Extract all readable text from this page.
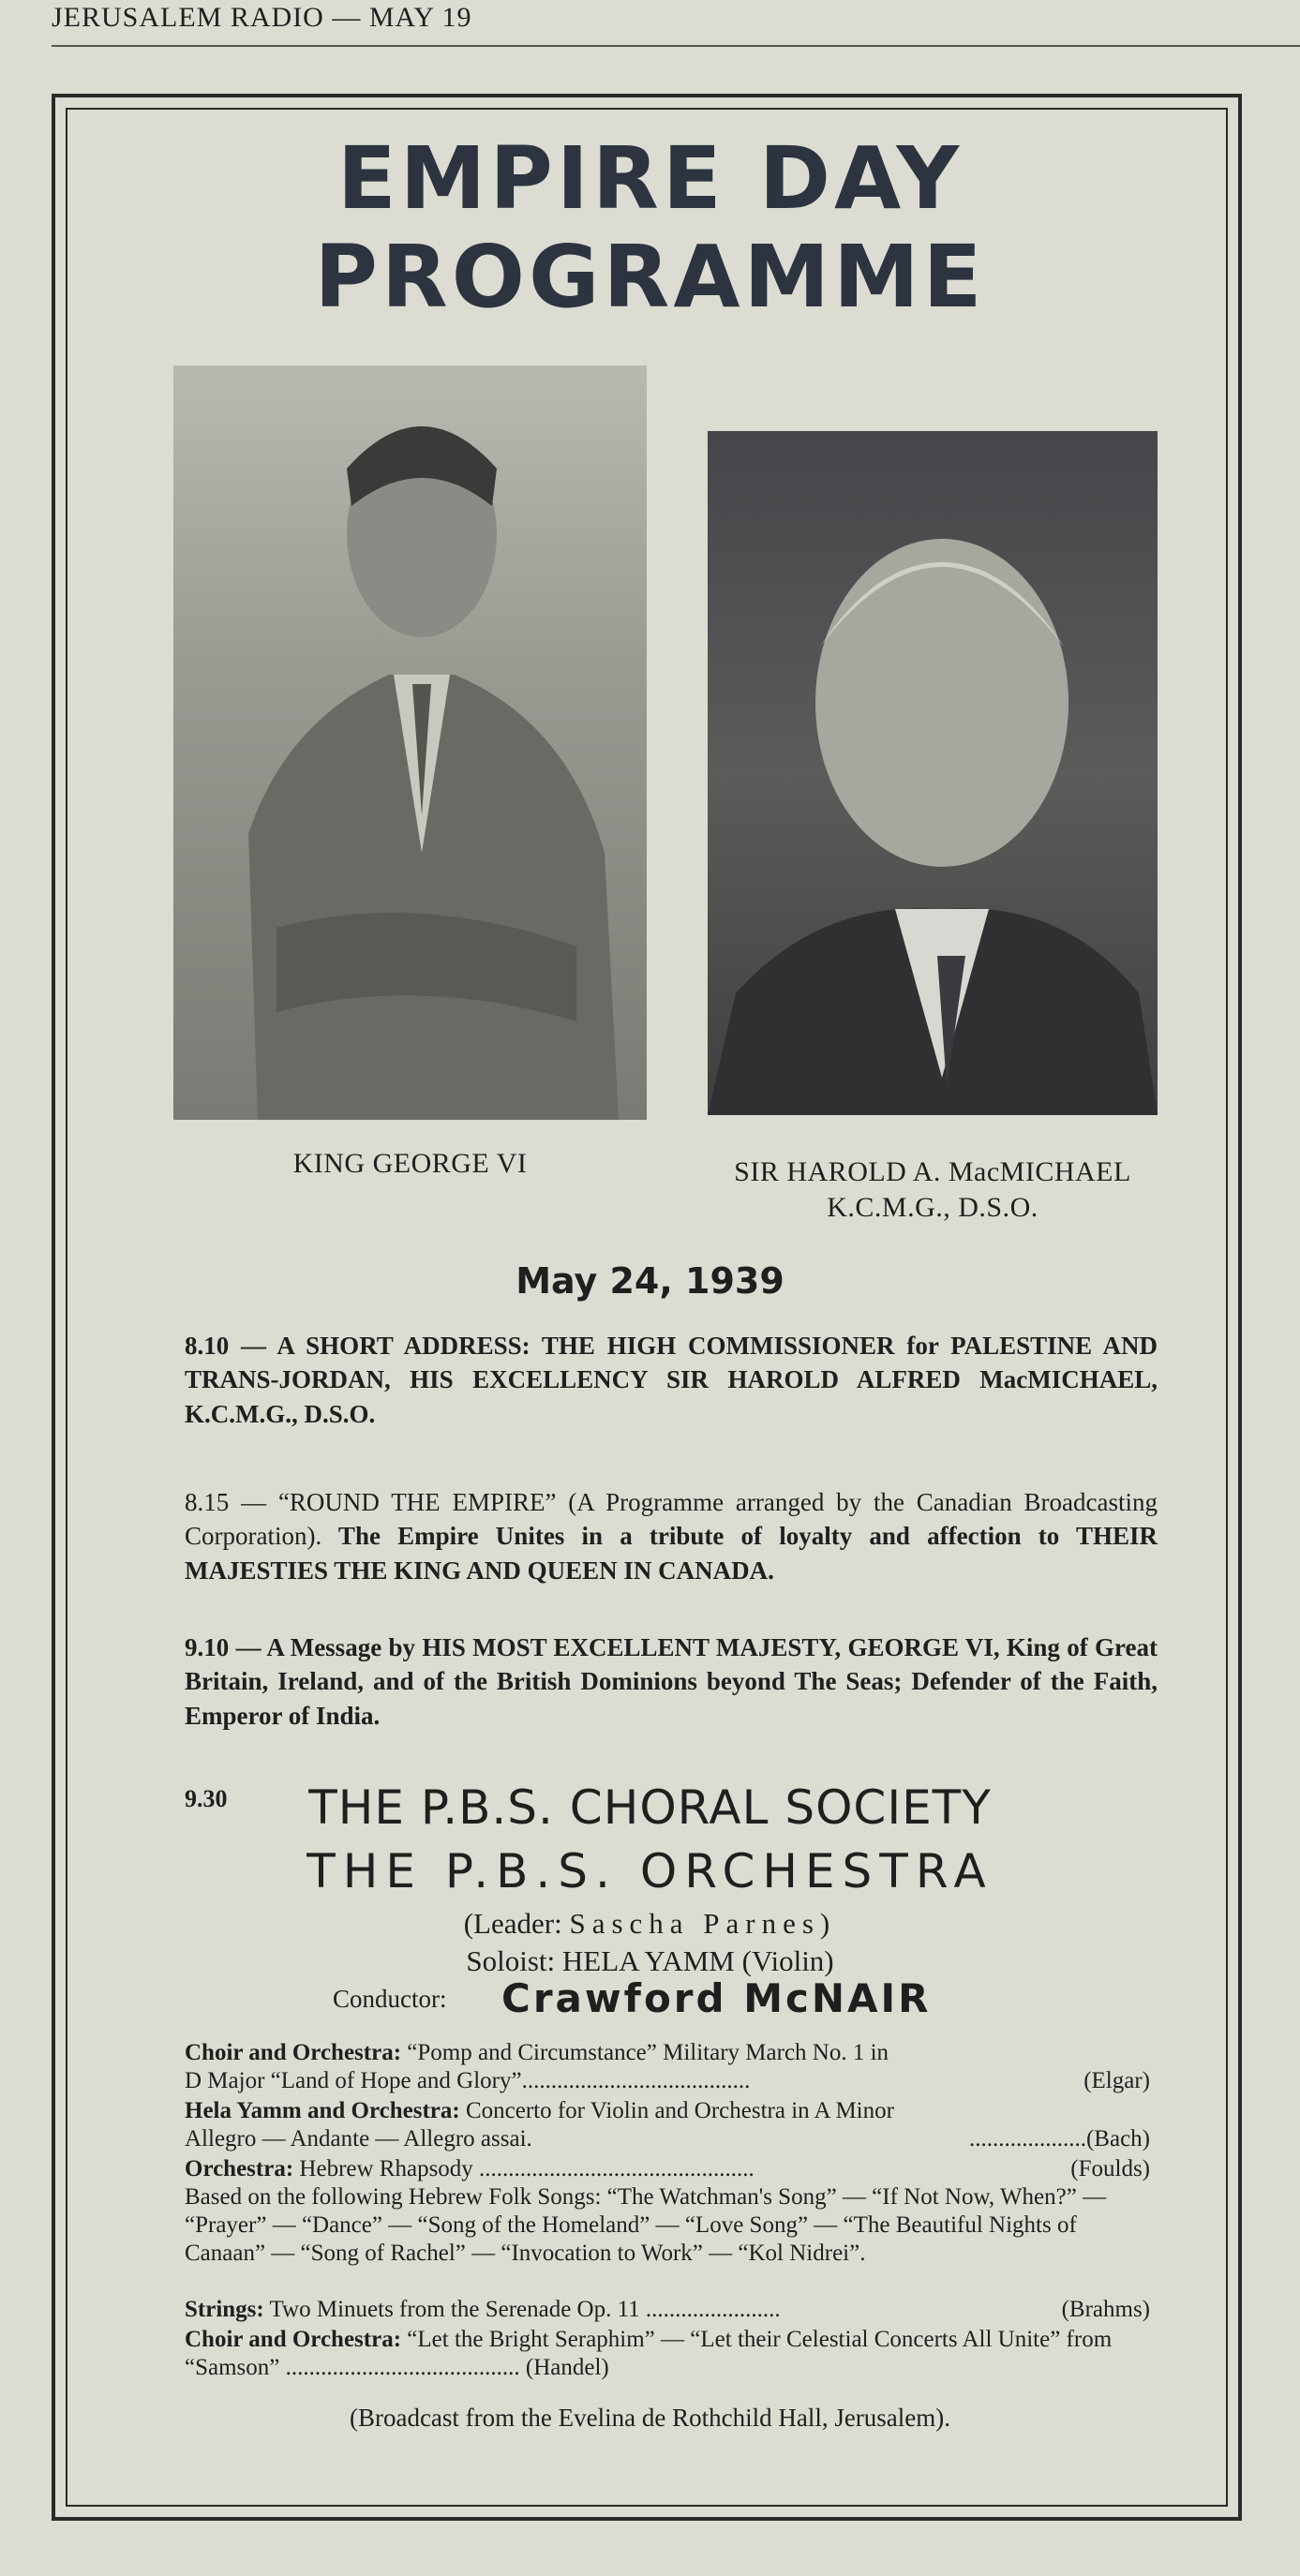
JERUSALEM RADIO — MAY 19
EMPIRE DAY
PROGRAMME
KING GEORGE VI	SIR HAROLD A. MacMICHAEL
K.C.M.G., D.S.O.
May 24, 1939
8.10 — A SHORT ADDRESS: THE HIGH COMMISSIONER for PALESTINE AND TRANS-JORDAN, HIS EXCELLENCY SIR HAROLD ALFRED MacMICHAEL, K.C.M.G., D.S.O.
8.15 — “ROUND THE EMPIRE” (A Programme arranged by the Canadian Broadcasting Corporation). The Empire Unites in a tribute of loyalty and affection to THEIR MAJESTIES THE KING AND QUEEN IN CANADA.
9.10 — A Message by HIS MOST EXCELLENT MAJESTY, GEORGE VI, King of Great Britain, Ireland, and of the British Dominions beyond The Seas; Defender of the Faith, Emperor of India.
9.30	THE P.B.S. CHORAL SOCIETY
THE P.B.S. ORCHESTRA
(Leader: Sascha Parnes)
Soloist: HELA YAMM (Violin)
Conductor: Crawford McNAIR
Choir and Orchestra: “Pomp and Circumstance” Military March No. 1 in
D Major “Land of Hope and Glory”.......................................	(Elgar)
Hela Yamm and Orchestra: Concerto for Violin and Orchestra in A Minor
Allegro — Andante — Allegro assai.	....................(Bach)
Orchestra: Hebrew Rhapsody ...............................................	(Foulds)
Based on the following Hebrew Folk Songs: “The Watchman's Song” — “If Not Now, When?” — “Prayer” — “Dance” — “Song of the Homeland” — “Love Song” — “The Beautiful Nights of Canaan” — “Song of Rachel” — “Invocation to Work” — “Kol Nidrei”.
Strings: Two Minuets from the Serenade Op. 11 .......................	(Brahms)
Choir and Orchestra: “Let the Bright Seraphim” — “Let their Celestial Concerts All Unite” from “Samson” ........................................ (Handel)
(Broadcast from the Evelina de Rothchild Hall, Jerusalem).
